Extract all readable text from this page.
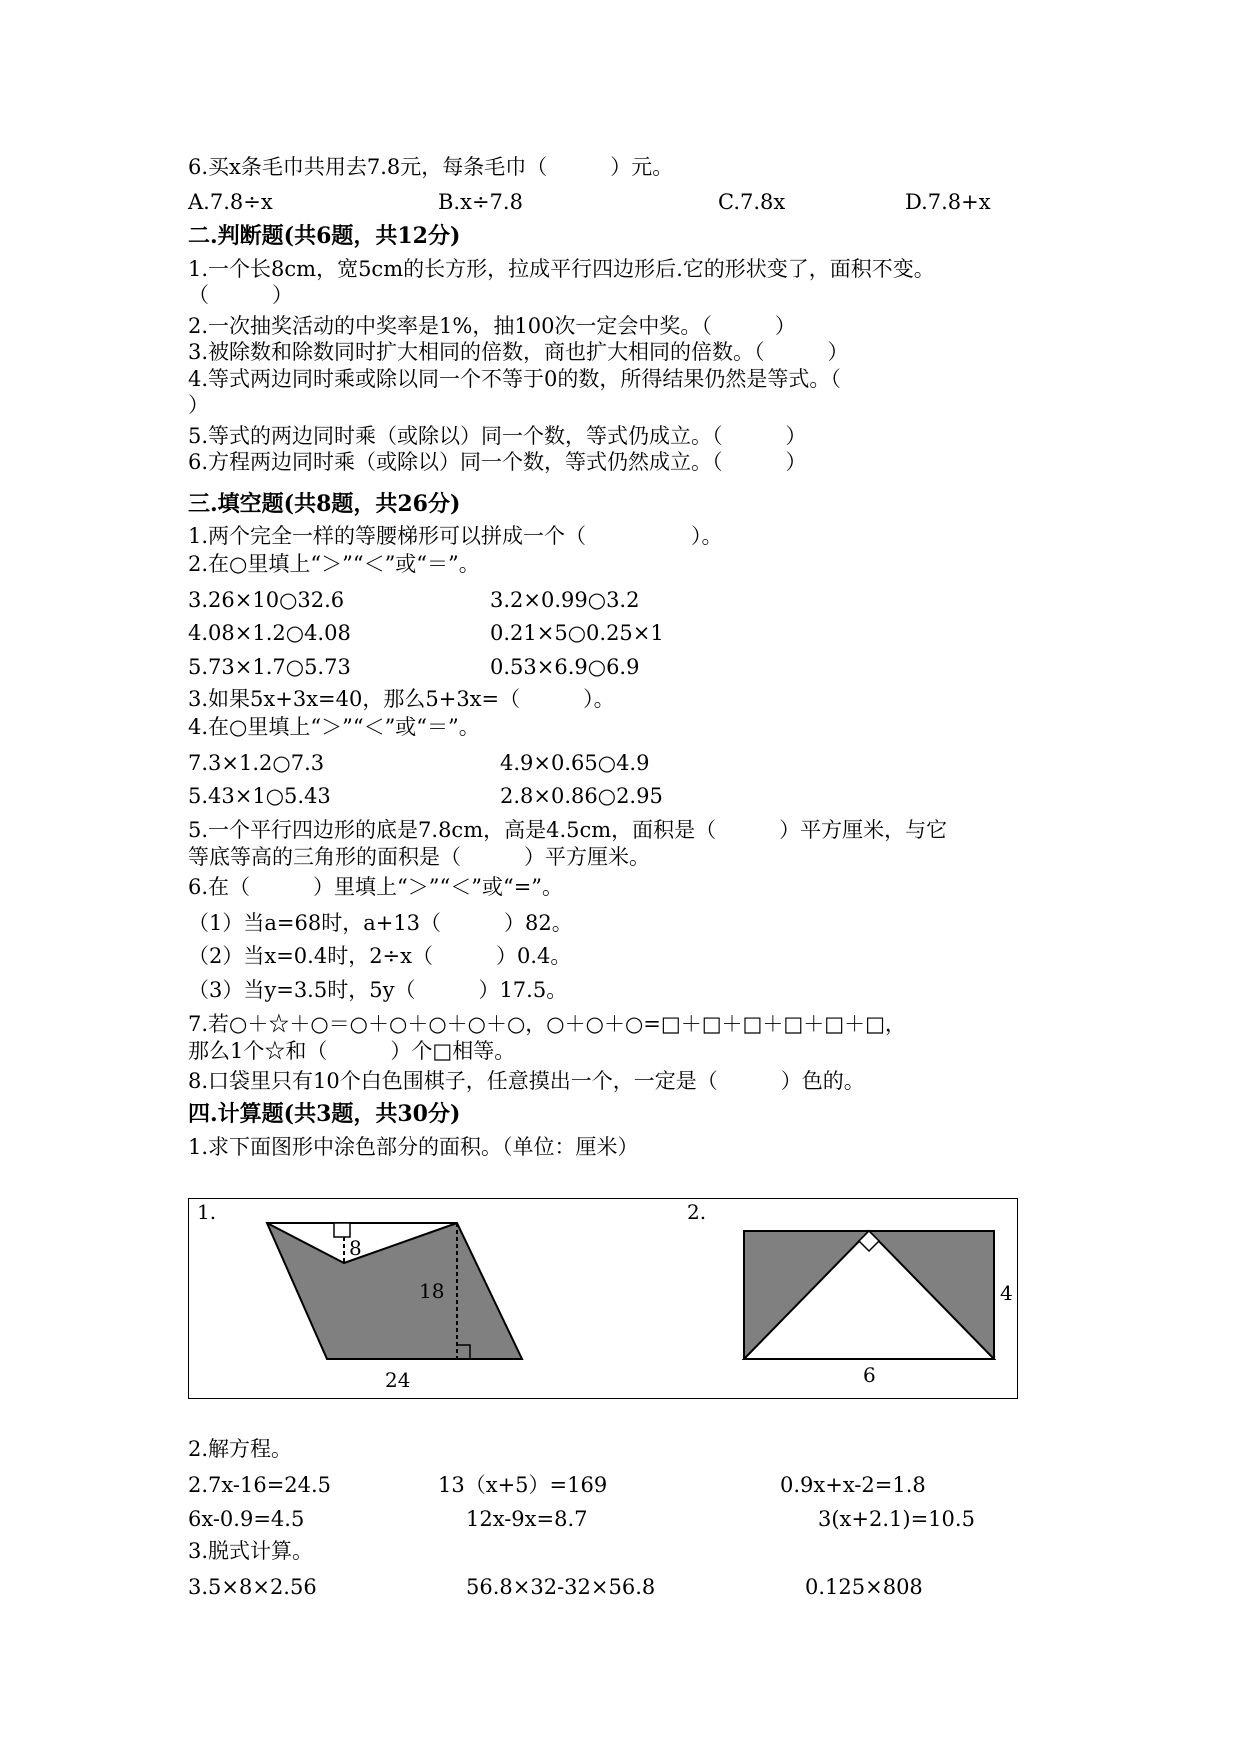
6.买x条毛巾共用去7.8元，每条毛巾（　　　）元。
A.7.8÷x	B.x÷7.8	C.7.8x	D.7.8+x
二.判断题(共6题，共12分)
1.一个长8cm，宽5cm的长方形，拉成平行四边形后.它的形状变了，面积不变。
（　　　）
2.一次抽奖活动的中奖率是1%，抽100次一定会中奖。（　　　）
3.被除数和除数同时扩大相同的倍数，商也扩大相同的倍数。（　　　）
4.等式两边同时乘或除以同一个不等于0的数，所得结果仍然是等式。（
）
5.等式的两边同时乘（或除以）同一个数，等式仍成立。（　　　）
6.方程两边同时乘（或除以）同一个数，等式仍然成立。（　　　）
三.填空题(共8题，共26分)
1.两个完全一样的等腰梯形可以拼成一个（　　　　　）。
2.在○里填上“＞”“＜”或“＝”。
3.26×10○32.6	3.2×0.99○3.2
4.08×1.2○4.08	0.21×5○0.25×1
5.73×1.7○5.73	0.53×6.9○6.9
3.如果5x+3x=40，那么5+3x=（　　　）。
4.在○里填上“＞”“＜”或“＝”。
7.3×1.2○7.3	4.9×0.65○4.9
5.43×1○5.43	2.8×0.86○2.95
5.一个平行四边形的底是7.8cm，高是4.5cm，面积是（　　　）平方厘米，与它
等底等高的三角形的面积是（　　　）平方厘米。
6.在（　　　）里填上“＞”“＜”或“=”。
（1）当a=68时，a+13（　　　）82。
（2）当x=0.4时，2÷x（　　　）0.4。
（3）当y=3.5时，5y（　　　）17.5。
7.若○＋☆＋○＝○＋○＋○＋○＋○，○＋○＋○=□＋□＋□＋□＋□＋□，
那么1个☆和（　　　）个□相等。
8.口袋里只有10个白色围棋子，任意摸出一个，一定是（　　　）色的。
四.计算题(共3题，共30分)
1.求下面图形中涂色部分的面积。（单位：厘米）
1.	2.
8
18
24
4
6
2.解方程。
2.7x-16=24.5	13（x+5）=169	0.9x+x-2=1.8
6x-0.9=4.5	12x-9x=8.7	3(x+2.1)=10.5
3.脱式计算。
3.5×8×2.56	56.8×32-32×56.8	0.125×808
